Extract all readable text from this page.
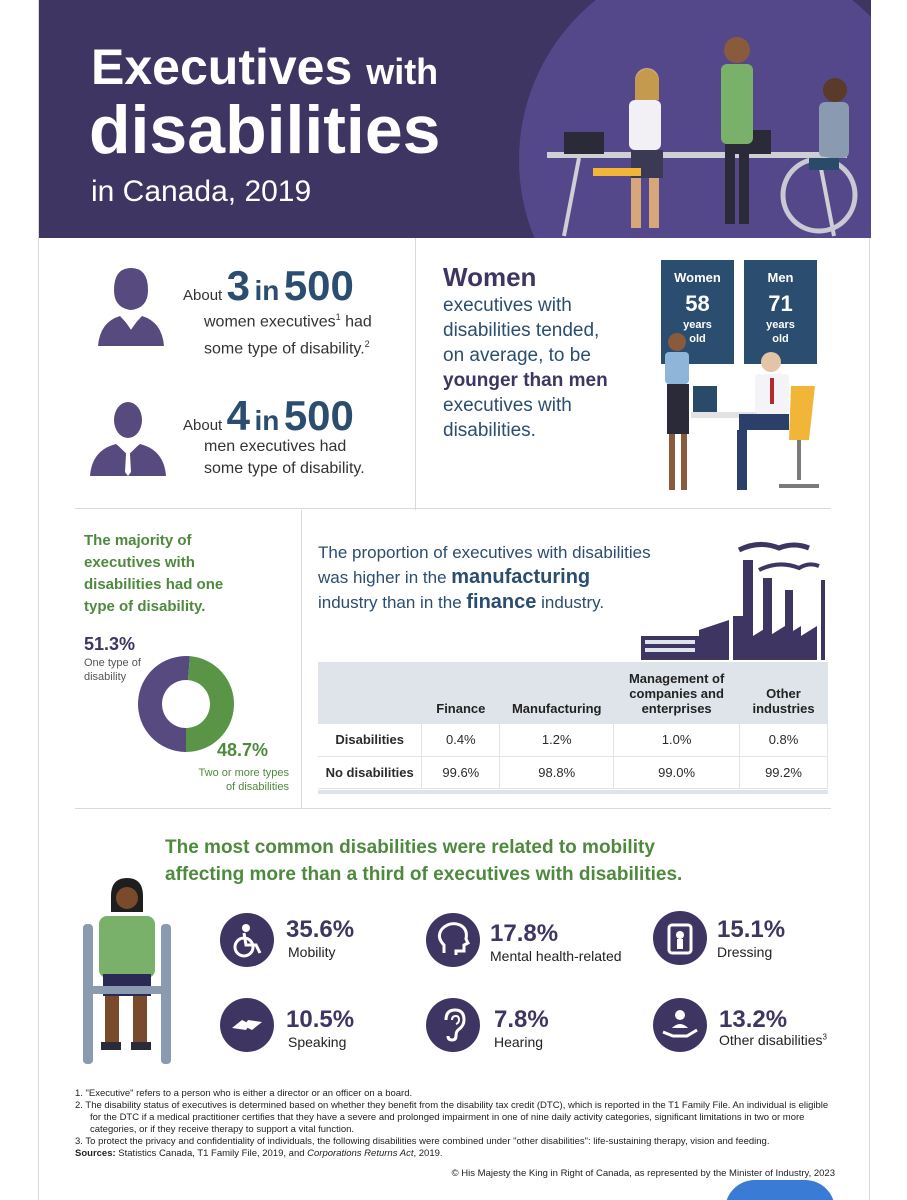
Executives with
disabilities
in Canada, 2019
About 3 in 500
women executives$^1$ had
some type of disability.$^2$
About 4 in 500
men executives had
some type of disability.
Women
executives with
disabilities tended,
on average, to be
younger than men
executives with
disabilities.
Women
58
years
old
Men
71
years
old
The majority of
executives with
disabilities had one
type of disability.
51.3%
One type of
disability
48.7%
Two or more types
of disabilities
The proportion of executives with disabilities
was higher in the manufacturing
industry than in the finance industry.
	Finance	Manufacturing	Management of companies and enterprises	Other industries
Disabilities	0.4%	1.2%	1.0%	0.8%
No disabilities	99.6%	98.8%	99.0%	99.2%
The most common disabilities were related to mobility
affecting more than a third of executives with disabilities.
35.6%
Mobility
17.8%
Mental health-related
15.1%
Dressing
10.5%
Speaking
7.8%
Hearing
13.2%
Other disabilities$^3$
1. "Executive" refers to a person who is either a director or an officer on a board.
2. The disability status of executives is determined based on whether they benefit from the disability tax credit (DTC), which is reported in the T1 Family File. An individual is eligible
for the DTC if a medical practitioner certifies that they have a severe and prolonged impairment in one of nine daily activity categories, significant limitations in two or more
categories, or if they receive therapy to support a vital function.
3. To protect the privacy and confidentiality of individuals, the following disabilities were combined under "other disabilities": life-sustaining therapy, vision and feeding.
Sources: Statistics Canada, T1 Family File, 2019, and Corporations Returns Act, 2019.
© His Majesty the King in Right of Canada, as represented by the Minister of Industry, 2023
